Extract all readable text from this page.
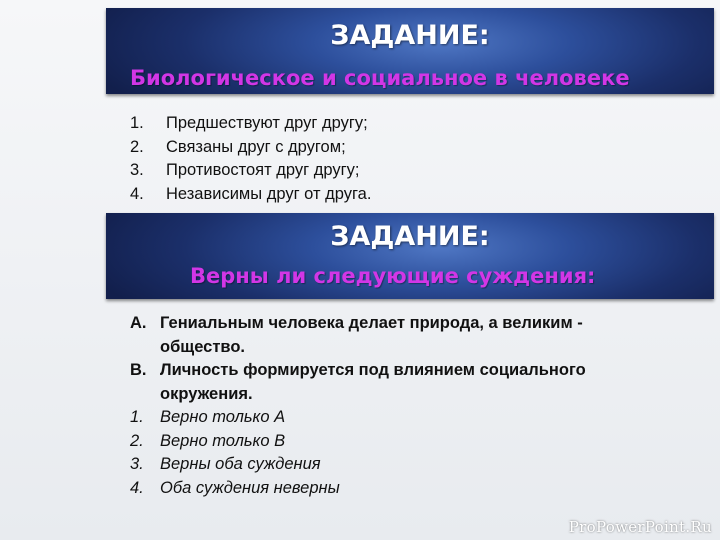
ЗАДАНИЕ:
Биологическое и социальное в человеке
1. Предшествуют друг другу;
2. Связаны друг с другом;
3. Противостоят друг другу;
4. Независимы друг от друга.
ЗАДАНИЕ:
Верны ли следующие суждения:
A. Гениальным человека делает природа, а великим -
общество.
B. Личность формируется под влиянием социального
окружения.
1. Верно только А
2. Верно только В
3. Верны оба суждения
4. Оба суждения неверны
ProPowerPoint.Ru
